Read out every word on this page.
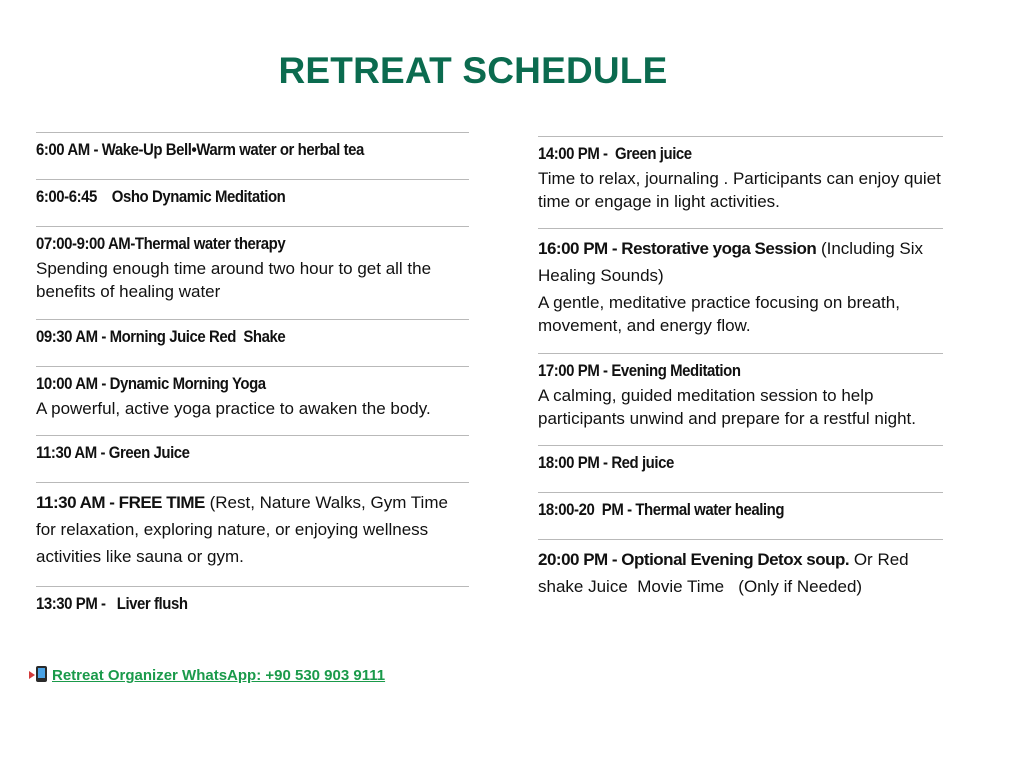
RETREAT SCHEDULE
6:00 AM - Wake-Up Bell•Warm water or herbal tea
6:00-6:45    Osho Dynamic Meditation
07:00-9:00 AM-Thermal water therapy
Spending enough time around two hour to get all the benefits of healing water
09:30 AM - Morning Juice Red  Shake
10:00 AM - Dynamic Morning Yoga
A powerful, active yoga practice to awaken the body.
11:30 AM - Green Juice
11:30 AM - FREE TIME (Rest, Nature Walks, Gym Time for relaxation, exploring nature, or enjoying wellness activities like sauna or gym.
13:30 PM -   Liver flush
14:00 PM -  Green juice
Time to relax, journaling . Participants can enjoy quiet time or engage in light activities.
16:00 PM - Restorative yoga Session (Including Six Healing Sounds)
A gentle, meditative practice focusing on breath, movement, and energy flow.
17:00 PM - Evening Meditation
A calming, guided meditation session to help participants unwind and prepare for a restful night.
18:00 PM - Red juice
18:00-20  PM - Thermal water healing
20:00 PM - Optional Evening Detox soup. Or Red shake Juice  Movie Time   (Only if Needed)
Retreat Organizer WhatsApp: +90 530 903 9111
